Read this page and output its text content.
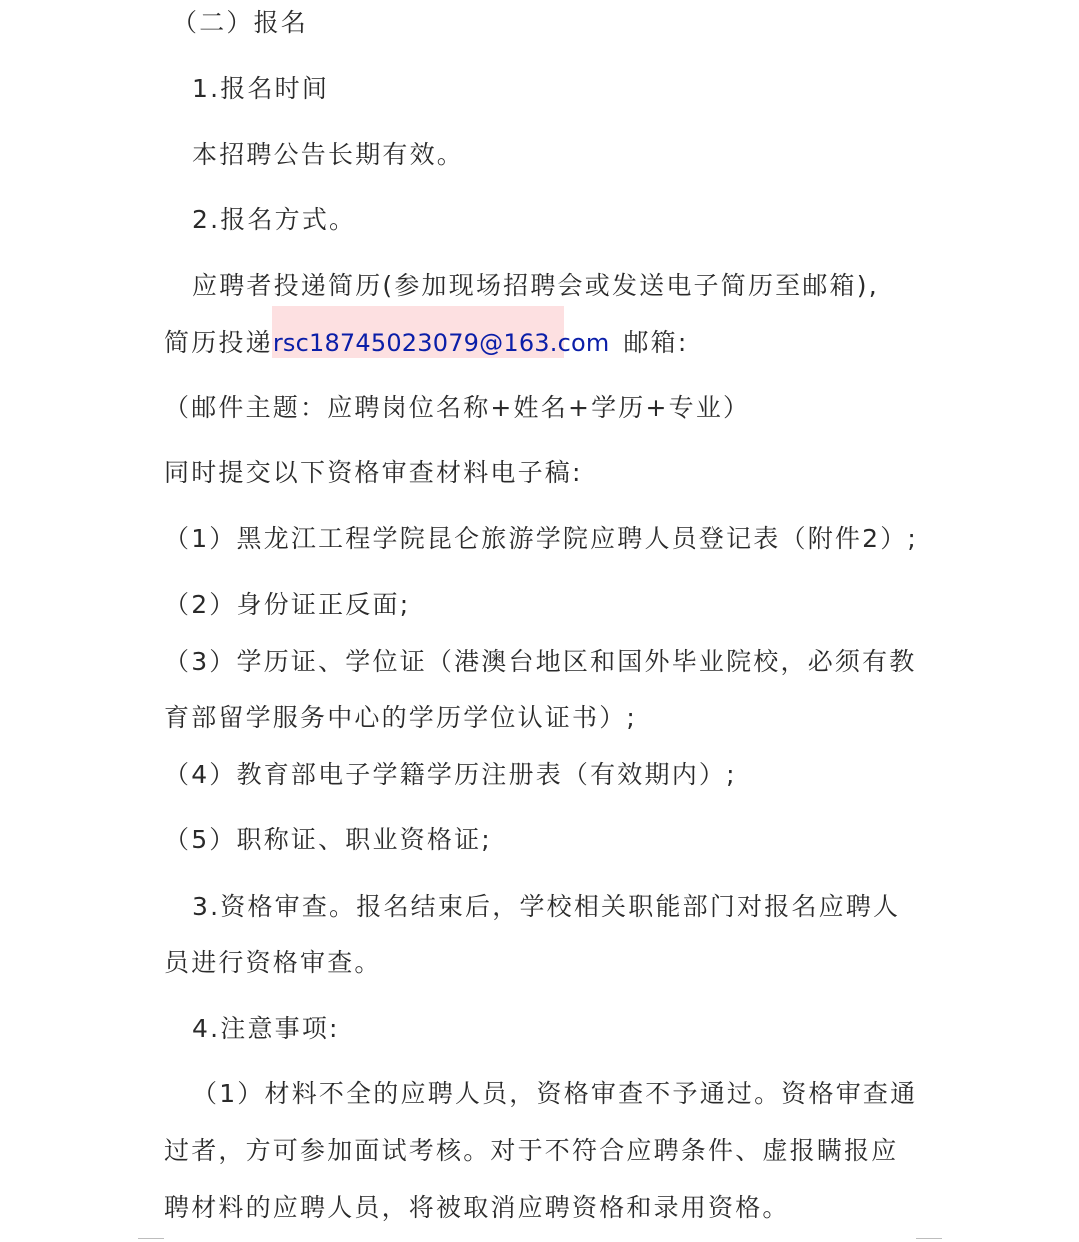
（二）报名
1.报名时间
本招聘公告长期有效。
2.报名方式。
应聘者投递简历(参加现场招聘会或发送电子简历至邮箱),
简历投递rsc18745023079@163.com 邮箱:
（邮件主题：应聘岗位名称+姓名+学历+专业）
同时提交以下资格审查材料电子稿:
（1）黑龙江工程学院昆仑旅游学院应聘人员登记表（附件2）;
（2）身份证正反面;
（3）学历证、学位证（港澳台地区和国外毕业院校，必须有教
育部留学服务中心的学历学位认证书）;
（4）教育部电子学籍学历注册表（有效期内）;
（5）职称证、职业资格证;
3.资格审查。报名结束后，学校相关职能部门对报名应聘人
员进行资格审查。
4.注意事项:
（1）材料不全的应聘人员，资格审查不予通过。资格审查通
过者，方可参加面试考核。对于不符合应聘条件、虚报瞒报应
聘材料的应聘人员，将被取消应聘资格和录用资格。
